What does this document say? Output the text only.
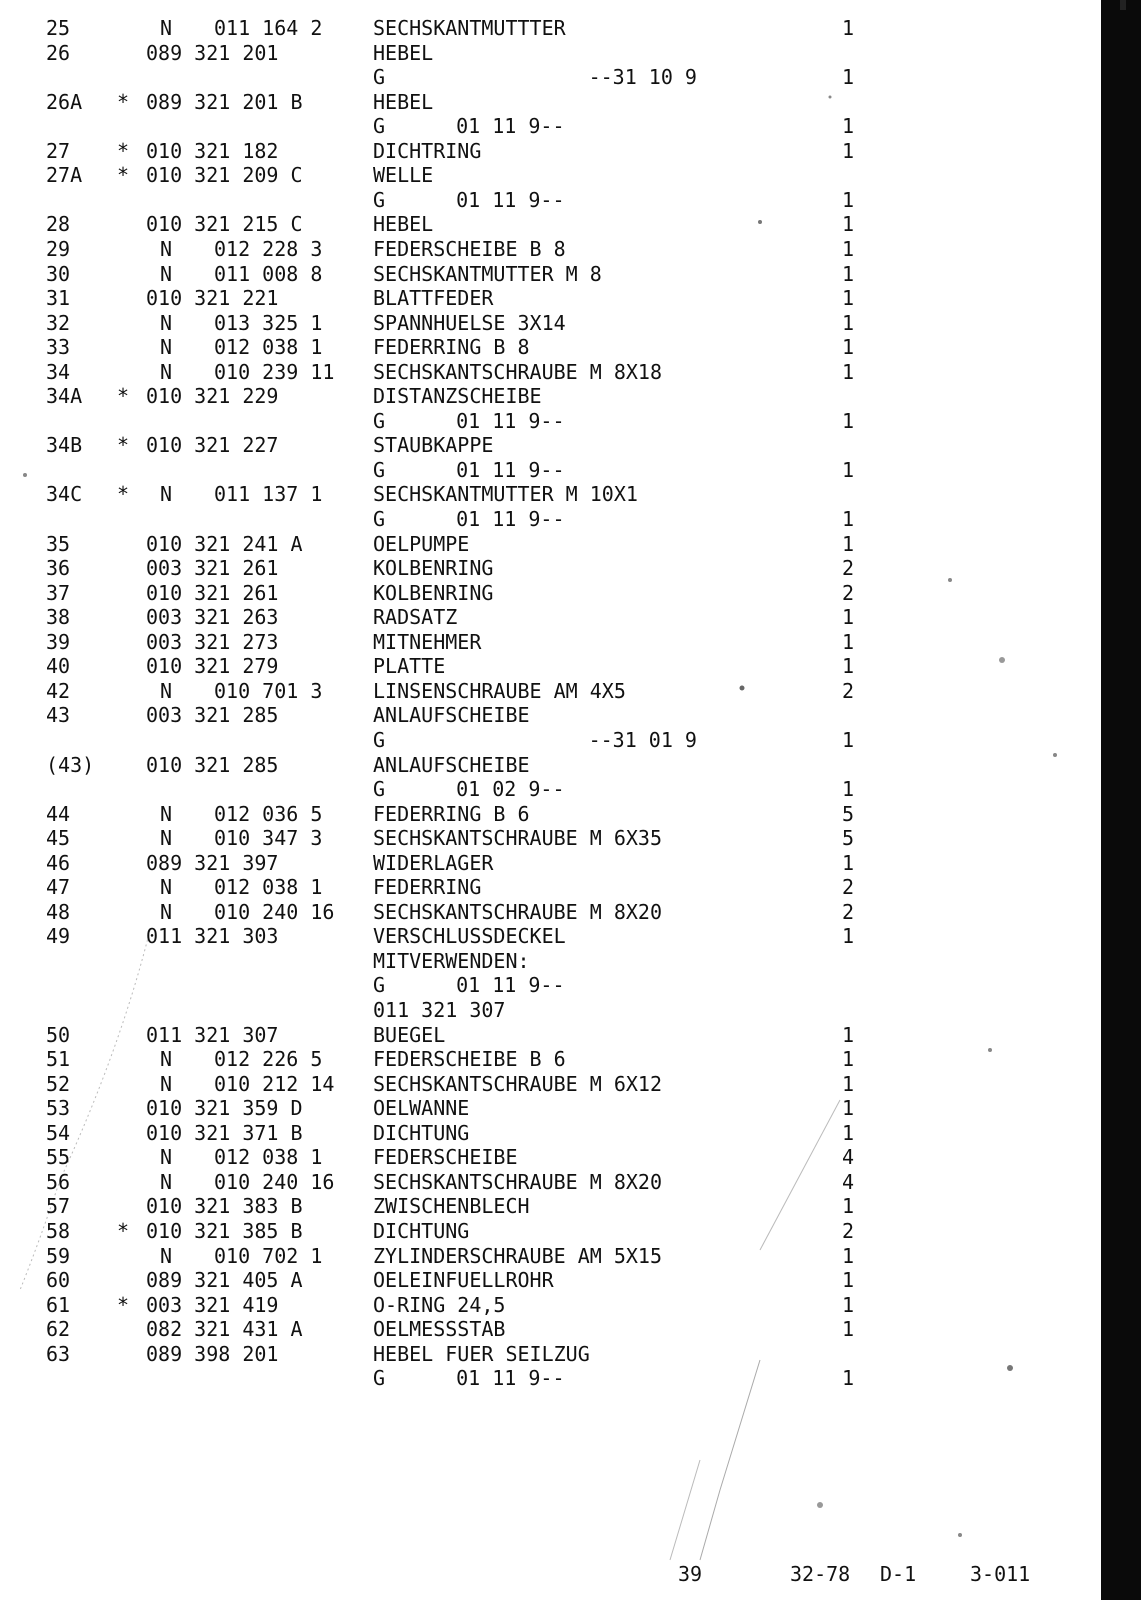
25	N	011 164 2	SECHSKANTMUTTTER	1
26	089 321 201	HEBEL
G	--31 10 9	1
26A	* 089 321 201 B	HEBEL
G	01 11 9--	1
27	* 010 321 182	DICHTRING	1
27A	* 010 321 209 C	WELLE
G	01 11 9--	1
28	010 321 215 C	HEBEL	1
29	N	012 228 3	FEDERSCHEIBE B 8	1
30	N	011 008 8	SECHSKANTMUTTER M 8	1
31	010 321 221	BLATTFEDER	1
32	N	013 325 1	SPANNHUELSE 3X14	1
33	N	012 038 1	FEDERRING B 8	1
34	N	010 239 11	SECHSKANTSCHRAUBE M 8X18	1
34A	* 010 321 229	DISTANZSCHEIBE
G	01 11 9--	1
34B	* 010 321 227	STAUBKAPPE
G	01 11 9--	1
34C	*	N	011 137 1	SECHSKANTMUTTER M 10X1
G	01 11 9--	1
35	010 321 241 A	OELPUMPE	1
36	003 321 261	KOLBENRING	2
37	010 321 261	KOLBENRING	2
38	003 321 263	RADSATZ	1
39	003 321 273	MITNEHMER	1
40	010 321 279	PLATTE	1
42	N	010 701 3	LINSENSCHRAUBE AM 4X5	2
43	003 321 285	ANLAUFSCHEIBE
G	--31 01 9	1
(43)	010 321 285	ANLAUFSCHEIBE
G	01 02 9--	1
44	N	012 036 5	FEDERRING B 6	5
45	N	010 347 3	SECHSKANTSCHRAUBE M 6X35	5
46	089 321 397	WIDERLAGER	1
47	N	012 038 1	FEDERRING	2
48	N	010 240 16	SECHSKANTSCHRAUBE M 8X20	2
49	011 321 303	VERSCHLUSSDECKEL	1
MITVERWENDEN:
G	01 11 9--
011 321 307
50	011 321 307	BUEGEL	1
51	N	012 226 5	FEDERSCHEIBE B 6	1
52	N	010 212 14	SECHSKANTSCHRAUBE M 6X12	1
53	010 321 359 D	OELWANNE	1
54	010 321 371 B	DICHTUNG	1
55	N	012 038 1	FEDERSCHEIBE	4
56	N	010 240 16	SECHSKANTSCHRAUBE M 8X20	4
57	010 321 383 B	ZWISCHENBLECH	1
58	* 010 321 385 B	DICHTUNG	2
59	N	010 702 1	ZYLINDERSCHRAUBE AM 5X15	1
60	089 321 405 A	OELEINFUELLROHR	1
61	* 003 321 419	O-RING 24,5	1
62	082 321 431 A	OELMESSSTAB	1
63	089 398 201	HEBEL FUER SEILZUG
G	01 11 9--	1
39	32-78 D-1	3-011
